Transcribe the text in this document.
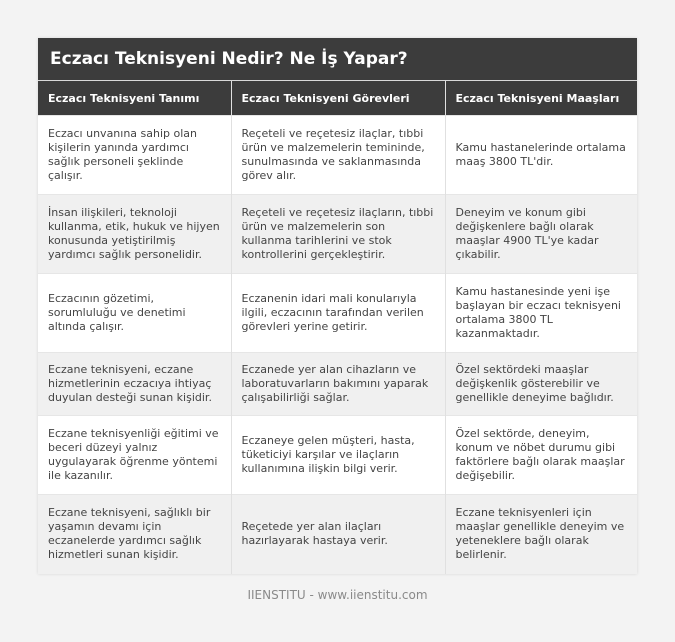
Eczacı Teknisyeni Nedir? Ne İş Yapar?
Eczacı Teknisyeni Tanımı	Eczacı Teknisyeni Görevleri	Eczacı Teknisyeni Maaşları
Eczacı unvanına sahip olan kişilerin yanında yardımcı sağlık personeli şeklinde çalışır.	Reçeteli ve reçetesiz ilaçlar, tıbbi ürün ve malzemelerin temininde, sunulmasında ve saklanmasında görev alır.	Kamu hastanelerinde ortalama maaş 3800 TL'dir.
İnsan ilişkileri, teknoloji kullanma, etik, hukuk ve hijyen konusunda yetiştirilmiş yardımcı sağlık personelidir.	Reçeteli ve reçetesiz ilaçların, tıbbi ürün ve malzemelerin son kullanma tarihlerini ve stok kontrollerini gerçekleştirir.	Deneyim ve konum gibi değişkenlere bağlı olarak maaşlar 4900 TL'ye kadar çıkabilir.
Eczacının gözetimi, sorumluluğu ve denetimi altında çalışır.	Eczanenin idari mali konularıyla ilgili, eczacının tarafından verilen görevleri yerine getirir.	Kamu hastanesinde yeni işe başlayan bir eczacı teknisyeni ortalama 3800 TL kazanmaktadır.
Eczane teknisyeni, eczane hizmetlerinin eczacıya ihtiyaç duyulan desteği sunan kişidir.	Eczanede yer alan cihazların ve laboratuvarların bakımını yaparak çalışabilirliği sağlar.	Özel sektördeki maaşlar değişkenlik gösterebilir ve genellikle deneyime bağlıdır.
Eczane teknisyenliği eğitimi ve beceri düzeyi yalnız uygulayarak öğrenme yöntemi ile kazanılır.	Eczaneye gelen müşteri, hasta, tüketiciyi karşılar ve ilaçların kullanımına ilişkin bilgi verir.	Özel sektörde, deneyim, konum ve nöbet durumu gibi faktörlere bağlı olarak maaşlar değişebilir.
Eczane teknisyeni, sağlıklı bir yaşamın devamı için eczanelerde yardımcı sağlık hizmetleri sunan kişidir.	Reçetede yer alan ilaçları hazırlayarak hastaya verir.	Eczane teknisyenleri için maaşlar genellikle deneyim ve yeteneklere bağlı olarak belirlenir.
IIENSTITU - www.iienstitu.com
